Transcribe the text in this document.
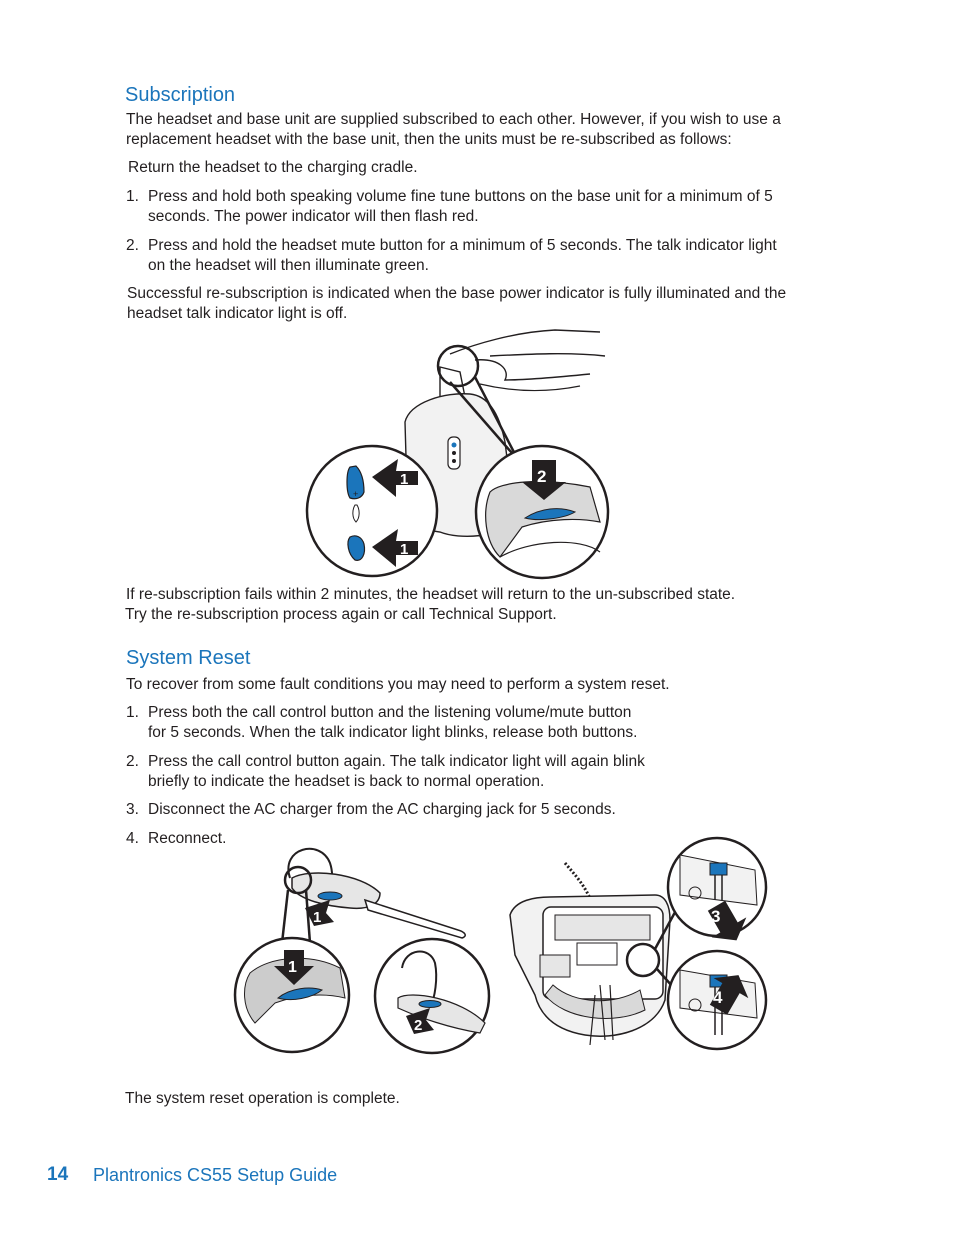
Subscription
The headset and base unit are supplied subscribed to each other. However, if you wish to use a
replacement headset with the base unit, then the units must be re-subscribed as follows:
Return the headset to the charging cradle.
1. Press and hold both speaking volume fine tune buttons on the base unit for a minimum of 5
seconds. The power indicator will then flash red.
2. Press and hold the headset mute button for a minimum of 5 seconds. The talk indicator light
on the headset will then illuminate green.
Successful re-subscription is indicated when the base power indicator is fully illuminated and the
headset talk indicator light is off.
+
1
1
2
If re-subscription fails within 2 minutes, the headset will return to the un-subscribed state.
Try the re-subscription process again or call Technical Support.
System Reset
To recover from some fault conditions you may need to perform a system reset.
1. Press both the call control button and the listening volume/mute button
for 5 seconds. When the talk indicator light blinks, release both buttons.
2. Press the call control button again. The talk indicator light will again blink
briefly to indicate the headset is back to normal operation.
3. Disconnect the AC charger from the AC charging jack for 5 seconds.
4. Reconnect.
1
1
2
3
4
The system reset operation is complete.
14 Plantronics CS55 Setup Guide
